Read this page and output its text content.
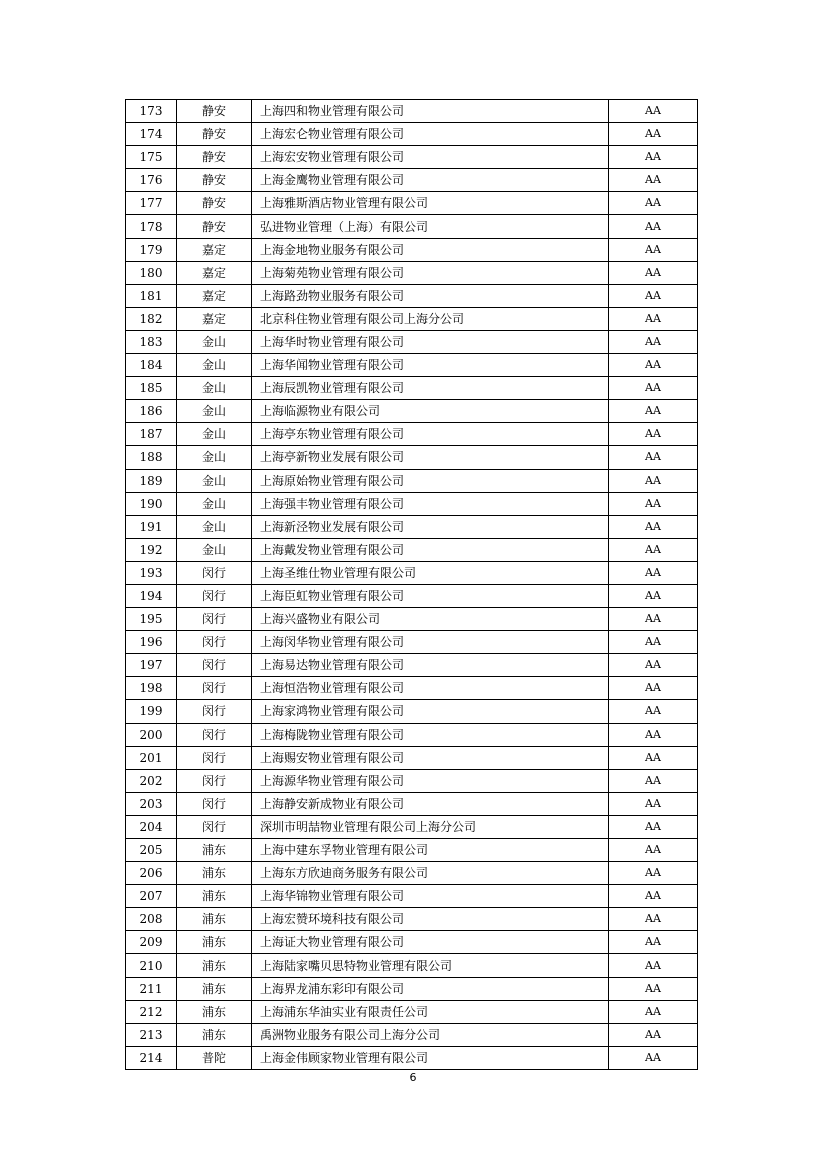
173	静安	上海四和物业管理有限公司	AA
174	静安	上海宏仑物业管理有限公司	AA
175	静安	上海宏安物业管理有限公司	AA
176	静安	上海金鹰物业管理有限公司	AA
177	静安	上海雅斯酒店物业管理有限公司	AA
178	静安	弘进物业管理（上海）有限公司	AA
179	嘉定	上海金地物业服务有限公司	AA
180	嘉定	上海菊苑物业管理有限公司	AA
181	嘉定	上海路劲物业服务有限公司	AA
182	嘉定	北京科住物业管理有限公司上海分公司	AA
183	金山	上海华时物业管理有限公司	AA
184	金山	上海华闻物业管理有限公司	AA
185	金山	上海辰凯物业管理有限公司	AA
186	金山	上海临源物业有限公司	AA
187	金山	上海亭东物业管理有限公司	AA
188	金山	上海亭新物业发展有限公司	AA
189	金山	上海原始物业管理有限公司	AA
190	金山	上海强丰物业管理有限公司	AA
191	金山	上海新泾物业发展有限公司	AA
192	金山	上海戴发物业管理有限公司	AA
193	闵行	上海圣维仕物业管理有限公司	AA
194	闵行	上海臣虹物业管理有限公司	AA
195	闵行	上海兴盛物业有限公司	AA
196	闵行	上海闵华物业管理有限公司	AA
197	闵行	上海易达物业管理有限公司	AA
198	闵行	上海恒浩物业管理有限公司	AA
199	闵行	上海家鸿物业管理有限公司	AA
200	闵行	上海梅陇物业管理有限公司	AA
201	闵行	上海赐安物业管理有限公司	AA
202	闵行	上海源华物业管理有限公司	AA
203	闵行	上海静安新成物业有限公司	AA
204	闵行	深圳市明喆物业管理有限公司上海分公司	AA
205	浦东	上海中建东孚物业管理有限公司	AA
206	浦东	上海东方欣迪商务服务有限公司	AA
207	浦东	上海华锦物业管理有限公司	AA
208	浦东	上海宏赞环境科技有限公司	AA
209	浦东	上海证大物业管理有限公司	AA
210	浦东	上海陆家嘴贝思特物业管理有限公司	AA
211	浦东	上海界龙浦东彩印有限公司	AA
212	浦东	上海浦东华油实业有限责任公司	AA
213	浦东	禹洲物业服务有限公司上海分公司	AA
214	普陀	上海金伟顾家物业管理有限公司	AA
6
